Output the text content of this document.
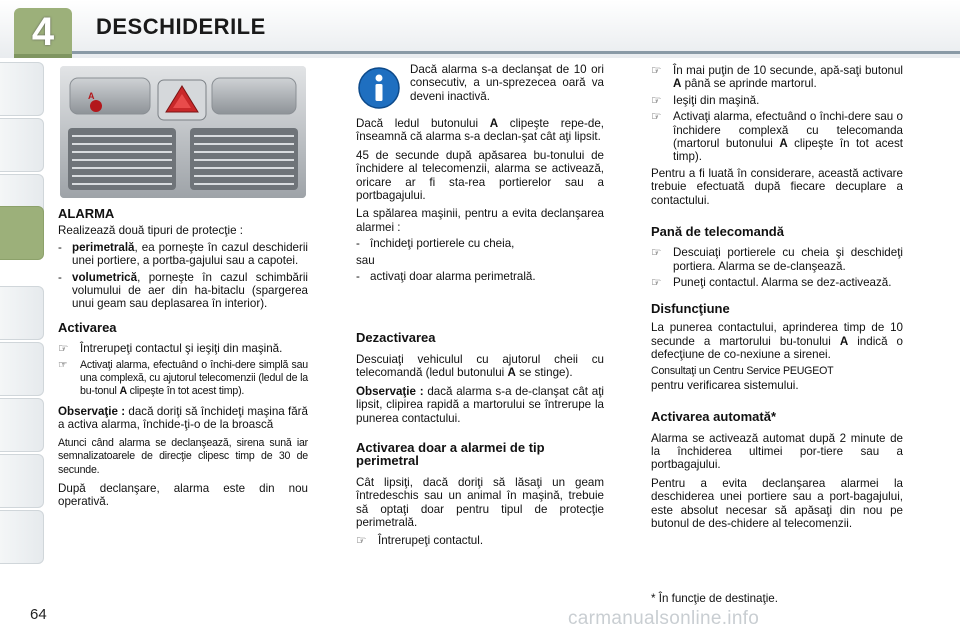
4	DESCHIDERILE
A
ALARMA

Realizează două tipuri de protecţie :

- perimetrală, ea porneşte în cazul deschiderii unei portiere, a portba-gajului sau a capotei.
- volumetrică, porneşte în cazul schimbării volumului de aer din ha-bitaclu (spargerea unui geam sau deplasarea în interior).
Activarea
☞ Întrerupeţi contactul şi ieşiţi din maşină.
☞	Activaţi alarma, efectuând o închi-dere simplă sau una complexă, cu ajutorul telecomenzii (ledul de la bu-tonul A clipeşte în tot acest timp).

Observaţie : dacă doriţi să închideţi maşina fără a activa alarma, închide-ţi-o de la broască

Atunci când alarma se declanşează, sirena sună iar semnalizatoarele de direcţie clipesc timp de 30 de secunde.

După declanşare, alarma este din nou operativă.

Dacă alarma s-a declanşat de 10 ori consecutiv, a un-sprezecea oară va deveni inactivă.

Dacă ledul butonului A clipeşte repe-de, înseamnă că alarma s-a declan-şat cât aţi lipsit.

45 de secunde după apăsarea bu-tonului de închidere al telecomenzii, alarma se activează, oricare ar fi sta-rea portierelor sau a portbagajului.

La spălarea maşinii, pentru a evita declanşarea alarmei :

- închideţi portierele cu cheia,

sau

- activaţi doar alarma perimetrală.
Dezactivarea

Descuiaţi vehiculul cu ajutorul cheii cu telecomandă (ledul butonului A se stinge).

Observaţie : dacă alarma s-a de-clanşat cât aţi lipsit, clipirea rapidă a martorului se întrerupe la punerea contactului.

Activarea doar a alarmei de tip perimetral

Cât lipsiţi, dacă doriţi să lăsaţi un geam întredeschis sau un animal în maşină, trebuie să optaţi doar pentru tipul de protecţie perimetrală.

☞ Întrerupeţi contactul.
☞ În mai puţin de 10 secunde, apă-saţi butonul A până se aprinde martorul.
☞ Ieşiţi din maşină.
☞ Activaţi alarma, efectuând o închi-dere sau o închidere complexă cu telecomanda (martorul butonului A clipeşte în tot acest timp).

Pentru a fi luată în considerare, această activare trebuie efectuată după fiecare decuplare a contactului.

Pană de telecomandă
☞ Descuiaţi portierele cu cheia şi deschideţi portiera. Alarma se de-clanşează.
☞ Puneţi contactul. Alarma se dez-activează.
Disfuncţiune

La punerea contactului, aprinderea timp de 10 secunde a martorului bu-tonului A indică o defecţiune de co-nexiune a sirenei.

Consultaţi un Centru Service PEUGEOT
pentru verificarea sistemului.

Activarea automată*

Alarma se activează automat după 2 minute de la închiderea ultimei por-tiere sau a portbagajului.

Pentru a evita declanşarea alarmei la deschiderea unei portiere sau a port-bagajului, este absolut necesar să apăsaţi din nou pe butonul de des-chidere al telecomenzii.

* În funcţie de destinaţie.

64	carmanualsonline.info
